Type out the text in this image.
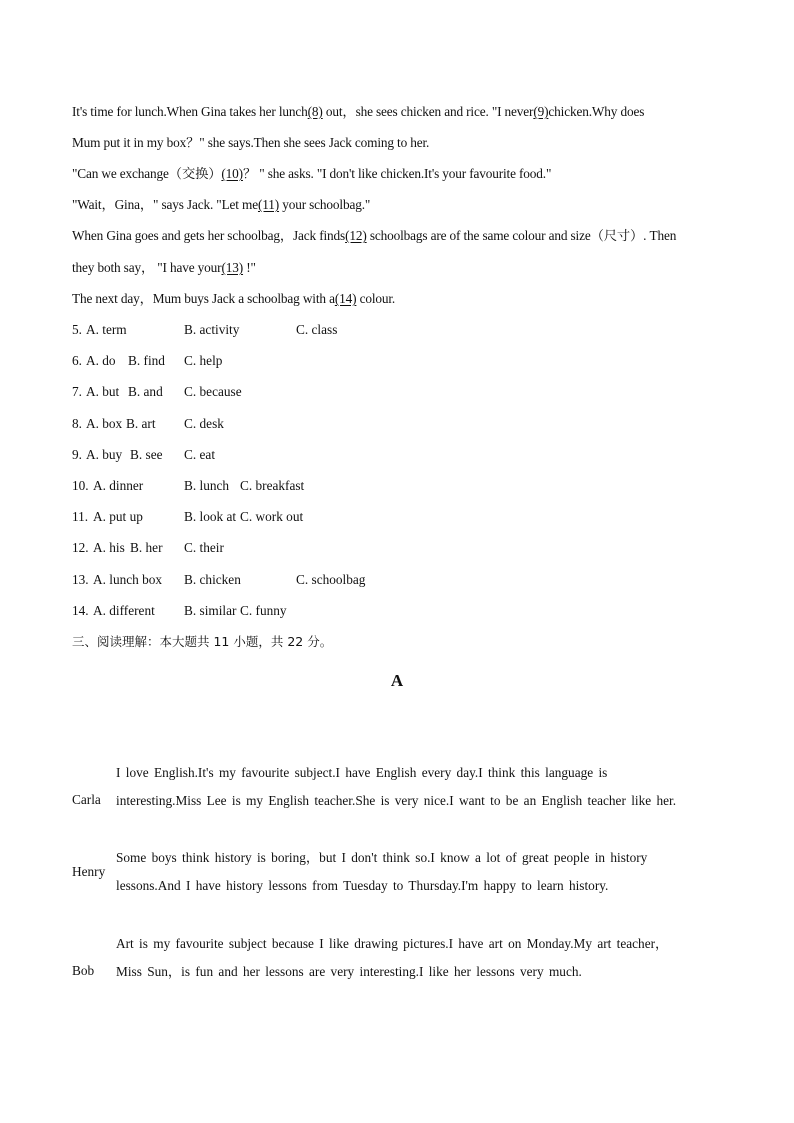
It's time for lunch.When Gina takes her lunch(8) out，she sees chicken and rice. "I never(9)chicken.Why does
Mum put it in my box？" she says.Then she sees Jack coming to her.
"Can we exchange（交换）(10)？ " she asks. "I don't like chicken.It's your favourite food."
"Wait，Gina，" says Jack. "Let me(11) your schoolbag."
When Gina goes and gets her schoolbag，Jack finds(12) schoolbags are of the same colour and size（尺寸）. Then
they both say， "I have your(13) !"
The next day，Mum buys Jack a schoolbag with a(14) colour.
5. A. term	B. activity	C. class
6. A. do B. find C. help
7. A. but B. and C. because
8. A. box B. art C. desk
9. A. buy B. see C. eat
10. A. dinner	B. lunch C. breakfast
11. A. put up	B. look at C. work out
12. A. his B. her C. their
13. A. lunch box B. chicken	C. schoolbag
14. A. different B. similar C. funny
三、阅读理解：本大题共 11 小题，共 22 分。
A
Carla
I love English.It's my favourite subject.I have English every day.I think this language is interesting.Miss Lee is my English teacher.She is very nice.I want to be an English teacher like her.
Henry
Some boys think history is boring，but I don't think so.I know a lot of great people in history lessons.And I have history lessons from Tuesday to Thursday.I'm happy to learn history.
Bob
Art is my favourite subject because I like drawing pictures.I have art on Monday.My art teacher，Miss Sun，is fun and her lessons are very interesting.I like her lessons very much.
